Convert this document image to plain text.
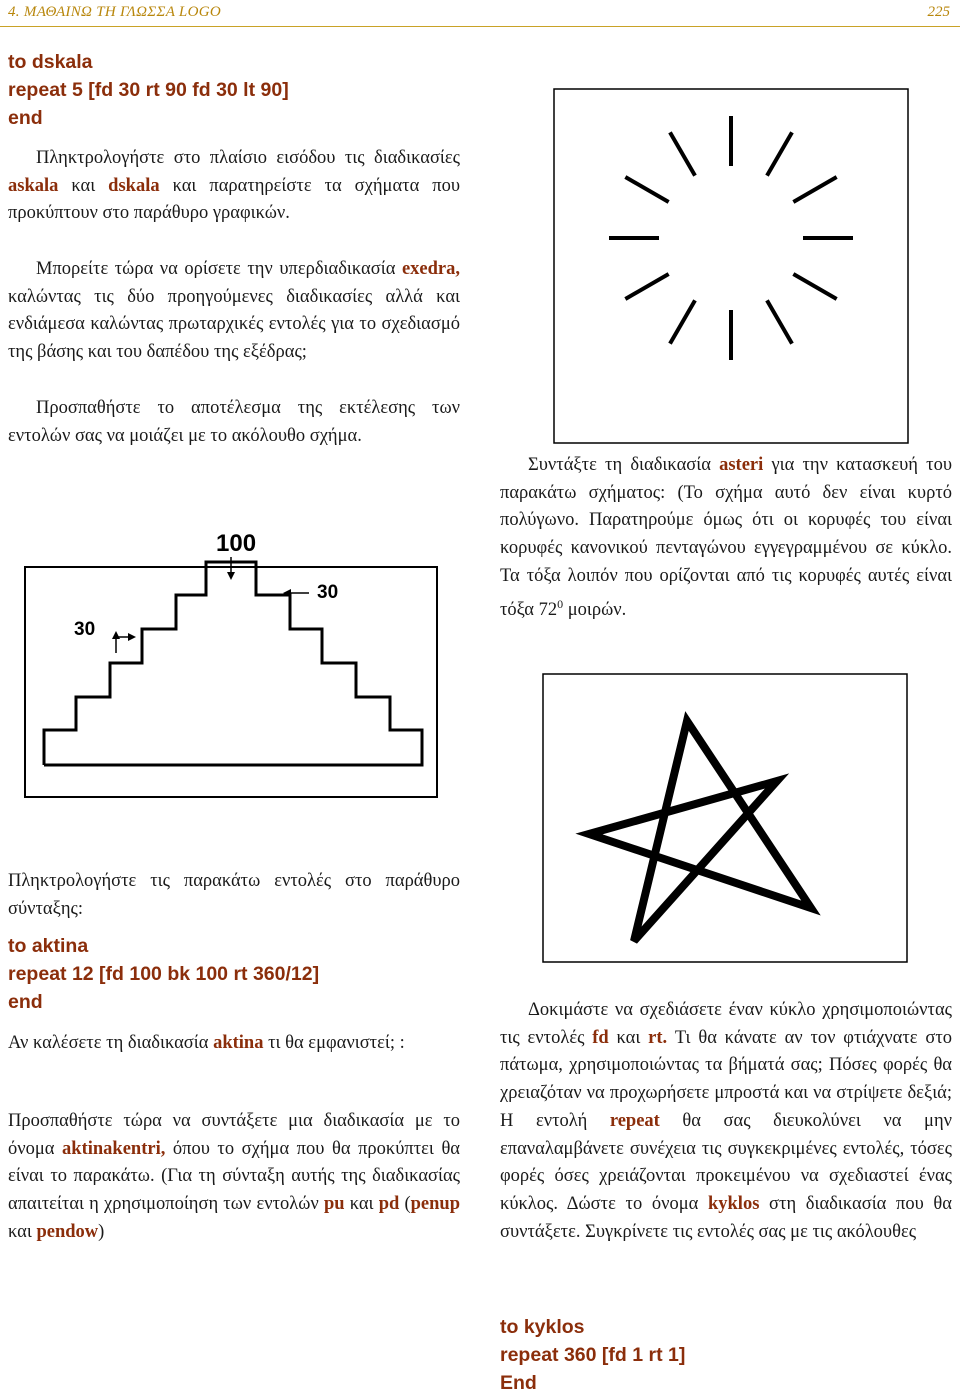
4. ΜΑΘΑΙΝΩ ΤΗ ΓΛΩΣΣΑ LOGO	225
to dskala
repeat 5 [fd 30 rt 90 fd 30 lt 90]
end
Πληκτρολογήστε στο πλαίσιο εισόδου τις διαδικασίες askala και dskala και παρατηρείστε τα σχήματα που προκύπτουν στο παράθυρο γραφικών.
Μπορείτε τώρα να ορίσετε την υπερδιαδικασία exedra, καλώντας τις δύο προηγούμενες διαδικασίες αλλά και ενδιάμεσα καλώντας πρωταρχικές εντολές για το σχεδιασμό της βάσης και του δαπέδου της εξέδρας;
Προσπαθήστε το αποτέλεσμα της εκτέλεσης των εντολών σας να μοιάζει με το ακόλουθο σχήμα.
100
30
30
Πληκτρολογήστε τις παρακάτω εντολές στο παράθυρο σύνταξης:
to aktina
repeat 12 [fd 100 bk 100 rt 360/12]
end
Αν καλέσετε τη διαδικασία aktina τι θα εμφανιστεί; :
Προσπαθήστε τώρα να συντάξετε μια διαδικασία με το όνομα aktinakentri, όπου το σχήμα που θα προκύπτει θα είναι το παρακάτω. (Για τη σύνταξη αυτής της διαδικασίας απαιτείται η χρησιμοποίηση των εντολών pu και pd (penup και pendow)
Συντάξτε τη διαδικασία asteri για την κατασκευή του παρακάτω σχήματος: (Το σχήμα αυτό δεν είναι κυρτό πολύγωνο. Παρατηρούμε όμως ότι οι κορυφές του είναι κορυφές κανονικού πενταγώνου εγγεγραμμένου σε κύκλο. Τα τόξα λοιπόν που ορίζονται από τις κορυφές αυτές είναι τόξα $72^0$ μοιρών.
Δοκιμάστε να σχεδιάσετε έναν κύκλο χρησιμοποιώντας τις εντολές fd και rt. Τι θα κάνατε αν τον φτιάχνατε στο πάτωμα, χρησιμοποιώντας τα βήματά σας; Πόσες φορές θα χρειαζόταν να προχωρήσετε μπροστά και να στρίψετε δεξιά; Η εντολή repeat θα σας διευκολύνει να μην επαναλαμβάνετε συνέχεια τις συγκεκριμένες εντολές, τόσες φορές όσες χρειάζονται προκειμένου να σχεδιαστεί ένας κύκλος. Δώστε το όνομα kyklos στη διαδικασία που θα συντάξετε. Συγκρίνετε τις εντολές σας με τις ακόλουθες
to kyklos
repeat 360 [fd 1 rt 1]
End
